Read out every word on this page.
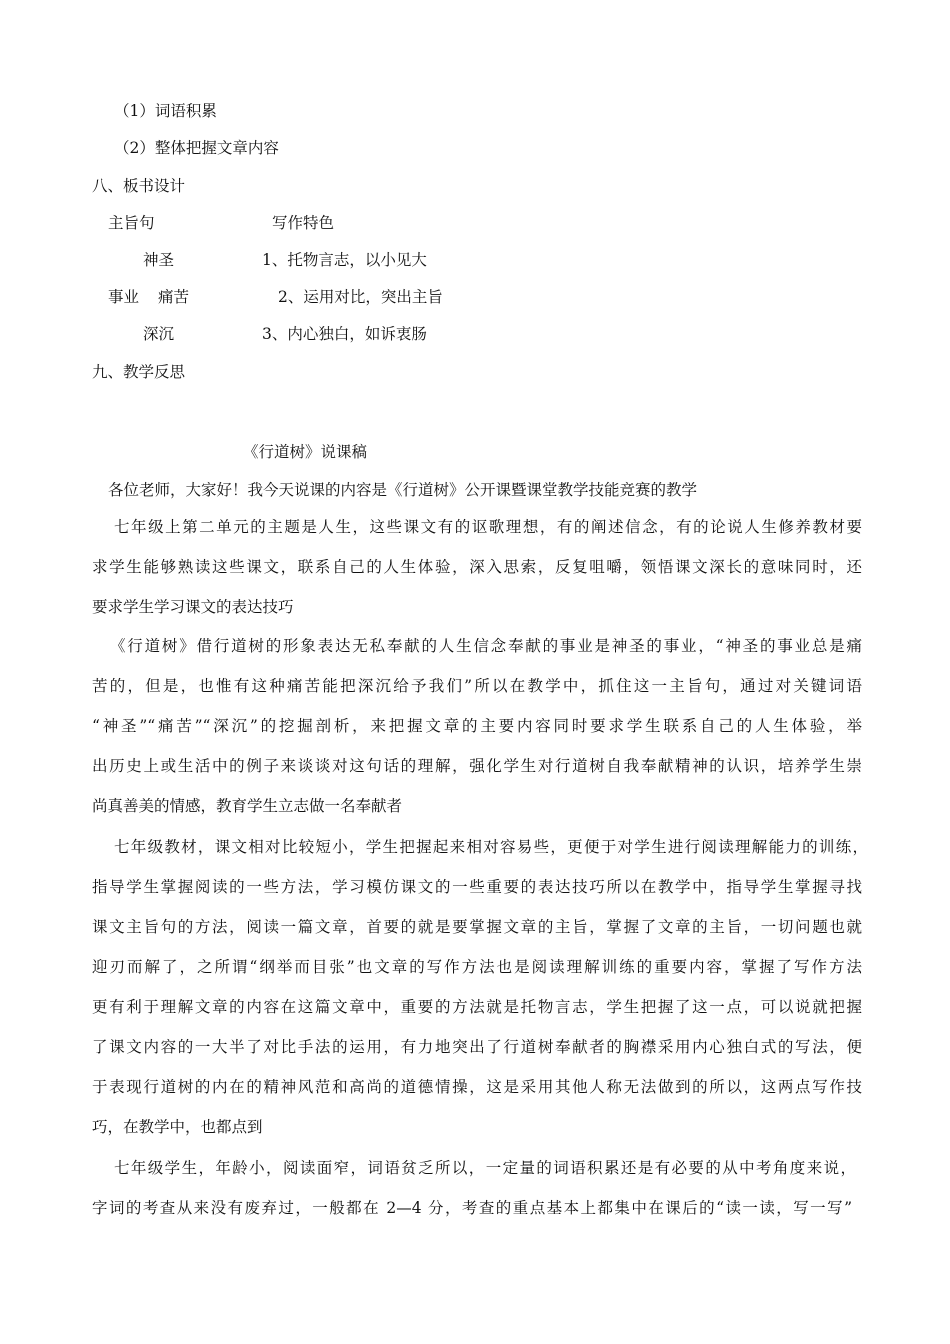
（1）词语积累
（2）整体把握文章内容
八、板书设计
主旨句	写作特色
神圣	1、托物言志，以小见大
事业 痛苦	2、运用对比，突出主旨
深沉	3、内心独白，如诉衷肠
九、教学反思
《行道树》说课稿
各位老师，大家好！我今天说课的内容是《行道树》公开课暨课堂教学技能竞赛的教学
七年级上第二单元的主题是人生，这些课文有的讴歌理想，有的阐述信念，有的论说人生修养教材要
求学生能够熟读这些课文，联系自己的人生体验，深入思索，反复咀嚼，领悟课文深长的意味同时，还
要求学生学习课文的表达技巧
《行道树》借行道树的形象表达无私奉献的人生信念奉献的事业是神圣的事业，“神圣的事业总是痛
苦的，但是，也惟有这种痛苦能把深沉给予我们”所以在教学中，抓住这一主旨句，通过对关键词语
“神圣”“痛苦”“深沉”的挖掘剖析，来把握文章的主要内容同时要求学生联系自己的人生体验，举
出历史上或生活中的例子来谈谈对这句话的理解，强化学生对行道树自我奉献精神的认识，培养学生崇
尚真善美的情感，教育学生立志做一名奉献者
七年级教材，课文相对比较短小，学生把握起来相对容易些，更便于对学生进行阅读理解能力的训练，
指导学生掌握阅读的一些方法，学习模仿课文的一些重要的表达技巧所以在教学中，指导学生掌握寻找
课文主旨句的方法，阅读一篇文章，首要的就是要掌握文章的主旨，掌握了文章的主旨，一切问题也就
迎刃而解了，之所谓“纲举而目张”也文章的写作方法也是阅读理解训练的重要内容，掌握了写作方法
更有利于理解文章的内容在这篇文章中，重要的方法就是托物言志，学生把握了这一点，可以说就把握
了课文内容的一大半了对比手法的运用，有力地突出了行道树奉献者的胸襟采用内心独白式的写法，便
于表现行道树的内在的精神风范和高尚的道德情操，这是采用其他人称无法做到的所以，这两点写作技
巧，在教学中，也都点到
七年级学生，年龄小，阅读面窄，词语贫乏所以，一定量的词语积累还是有必要的从中考角度来说，
字词的考查从来没有废弃过，一般都在 2—4 分，考查的重点基本上都集中在课后的“读一读，写一写”
